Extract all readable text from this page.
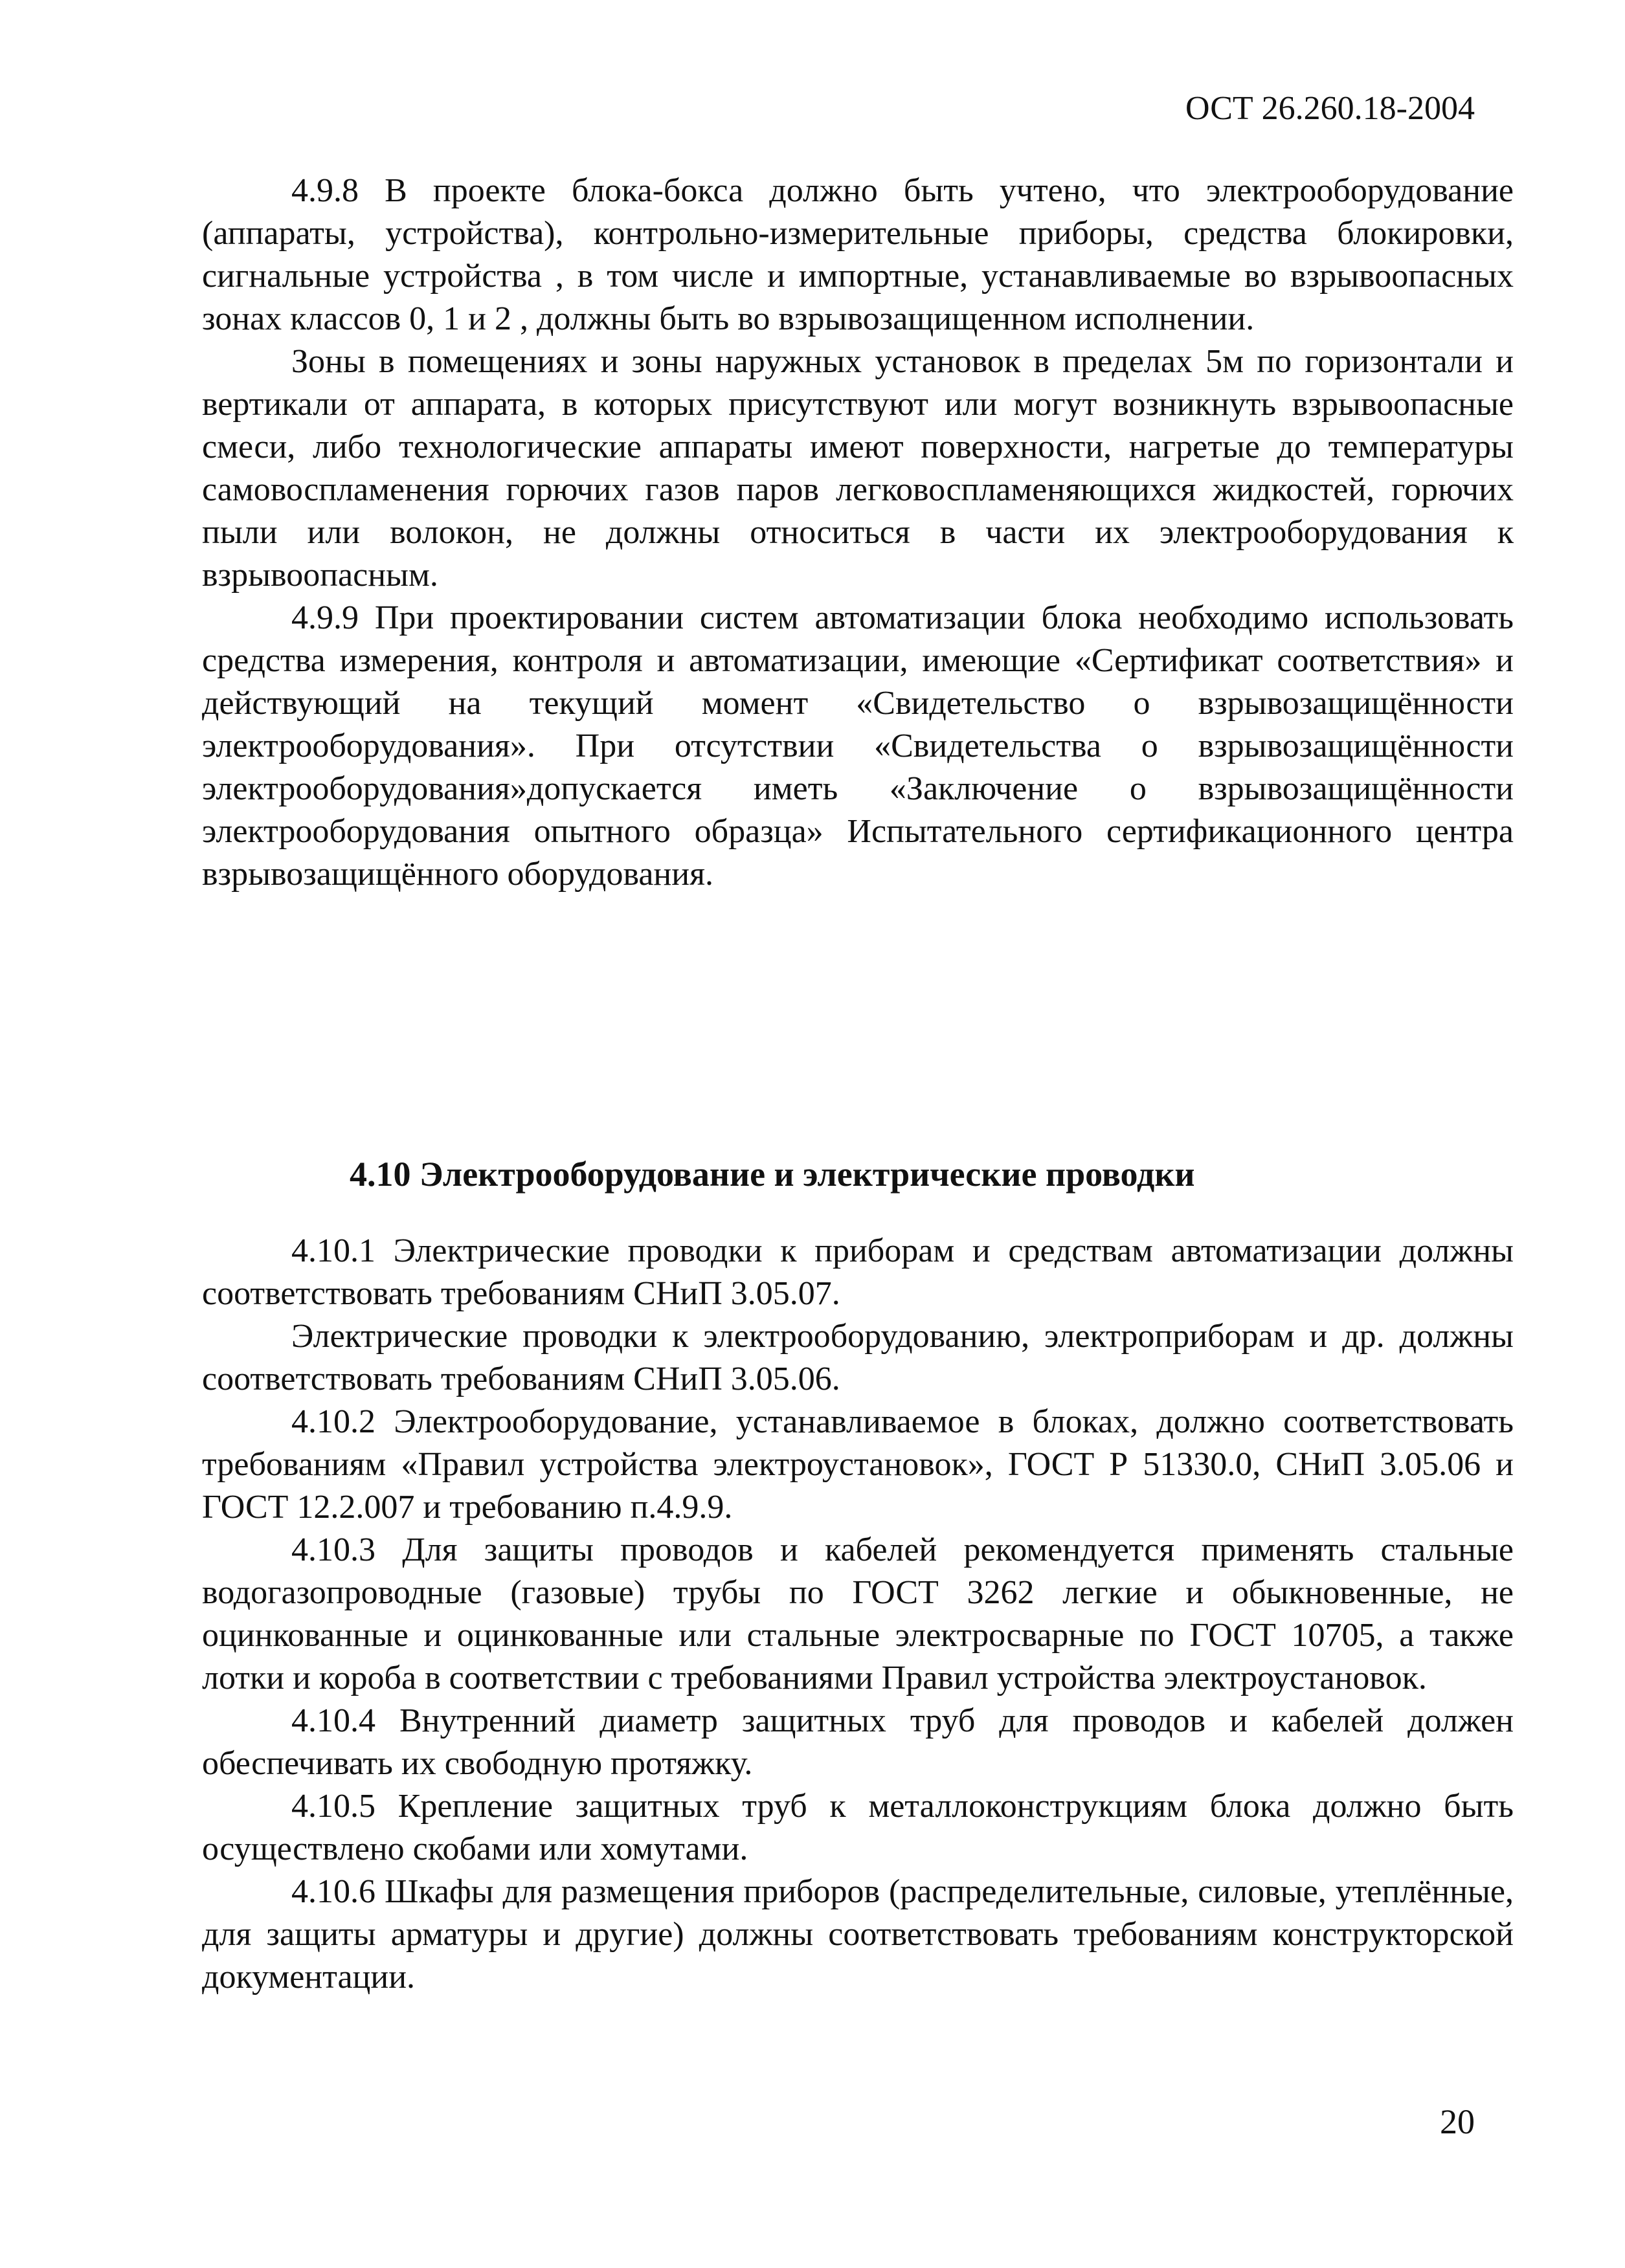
ОСТ 26.260.18-2004

4.9.8 В проекте блока-бокса должно быть учтено, что электрооборудование (аппараты, устройства), контрольно-измерительные приборы, средства блокировки, сигнальные устройства , в том числе и импортные, устанавливаемые во взрывоопасных зонах классов 0, 1 и 2 , должны быть во взрывозащищенном исполнении.

Зоны в помещениях и зоны наружных установок в пределах 5м по горизонтали и вертикали от аппарата, в которых присутствуют или могут возникнуть взрывоопасные смеси, либо технологические аппараты имеют поверхности, нагретые до температуры самовоспламенения горючих газов паров легковоспламеняющихся жидкостей, горючих пыли или волокон, не должны относиться в части их электрооборудования к взрывоопасным.

4.9.9 При проектировании систем автоматизации блока необходимо использовать средства измерения, контроля и автоматизации, имеющие «Сертификат соответствия» и действующий на текущий момент «Свидетельство о взрывозащищённости электрооборудования». При отсутствии «Свидетельства о взрывозащищённости электрооборудования»допускается иметь «Заключение о взрывозащищённости электрооборудования опытного образца» Испытательного сертификационного центра взрывозащищённого оборудования.

4.10 Электрооборудование и электрические проводки

4.10.1 Электрические проводки к приборам и средствам автоматизации должны соответствовать требованиям СНиП 3.05.07.

Электрические проводки к электрооборудованию, электроприборам и др. должны соответствовать требованиям СНиП 3.05.06.

4.10.2 Электрооборудование, устанавливаемое в блоках, должно соответствовать требованиям «Правил устройства электроустановок», ГОСТ Р 51330.0, СНиП 3.05.06 и ГОСТ 12.2.007 и требованию п.4.9.9.

4.10.3 Для защиты проводов и кабелей рекомендуется применять стальные водогазопроводные (газовые) трубы по ГОСТ 3262 легкие и обыкновенные, не оцинкованные и оцинкованные или стальные электросварные по ГОСТ 10705, а также лотки и короба в соответствии с требованиями Правил устройства электроустановок.

4.10.4 Внутренний диаметр защитных труб для проводов и кабелей должен обеспечивать их свободную протяжку.

4.10.5 Крепление защитных труб к металлоконструкциям блока должно быть осуществлено скобами или хомутами.

4.10.6 Шкафы для размещения приборов (распределительные, силовые, утеплённые, для защиты арматуры и другие) должны соответствовать требованиям конструкторской документации.

20
